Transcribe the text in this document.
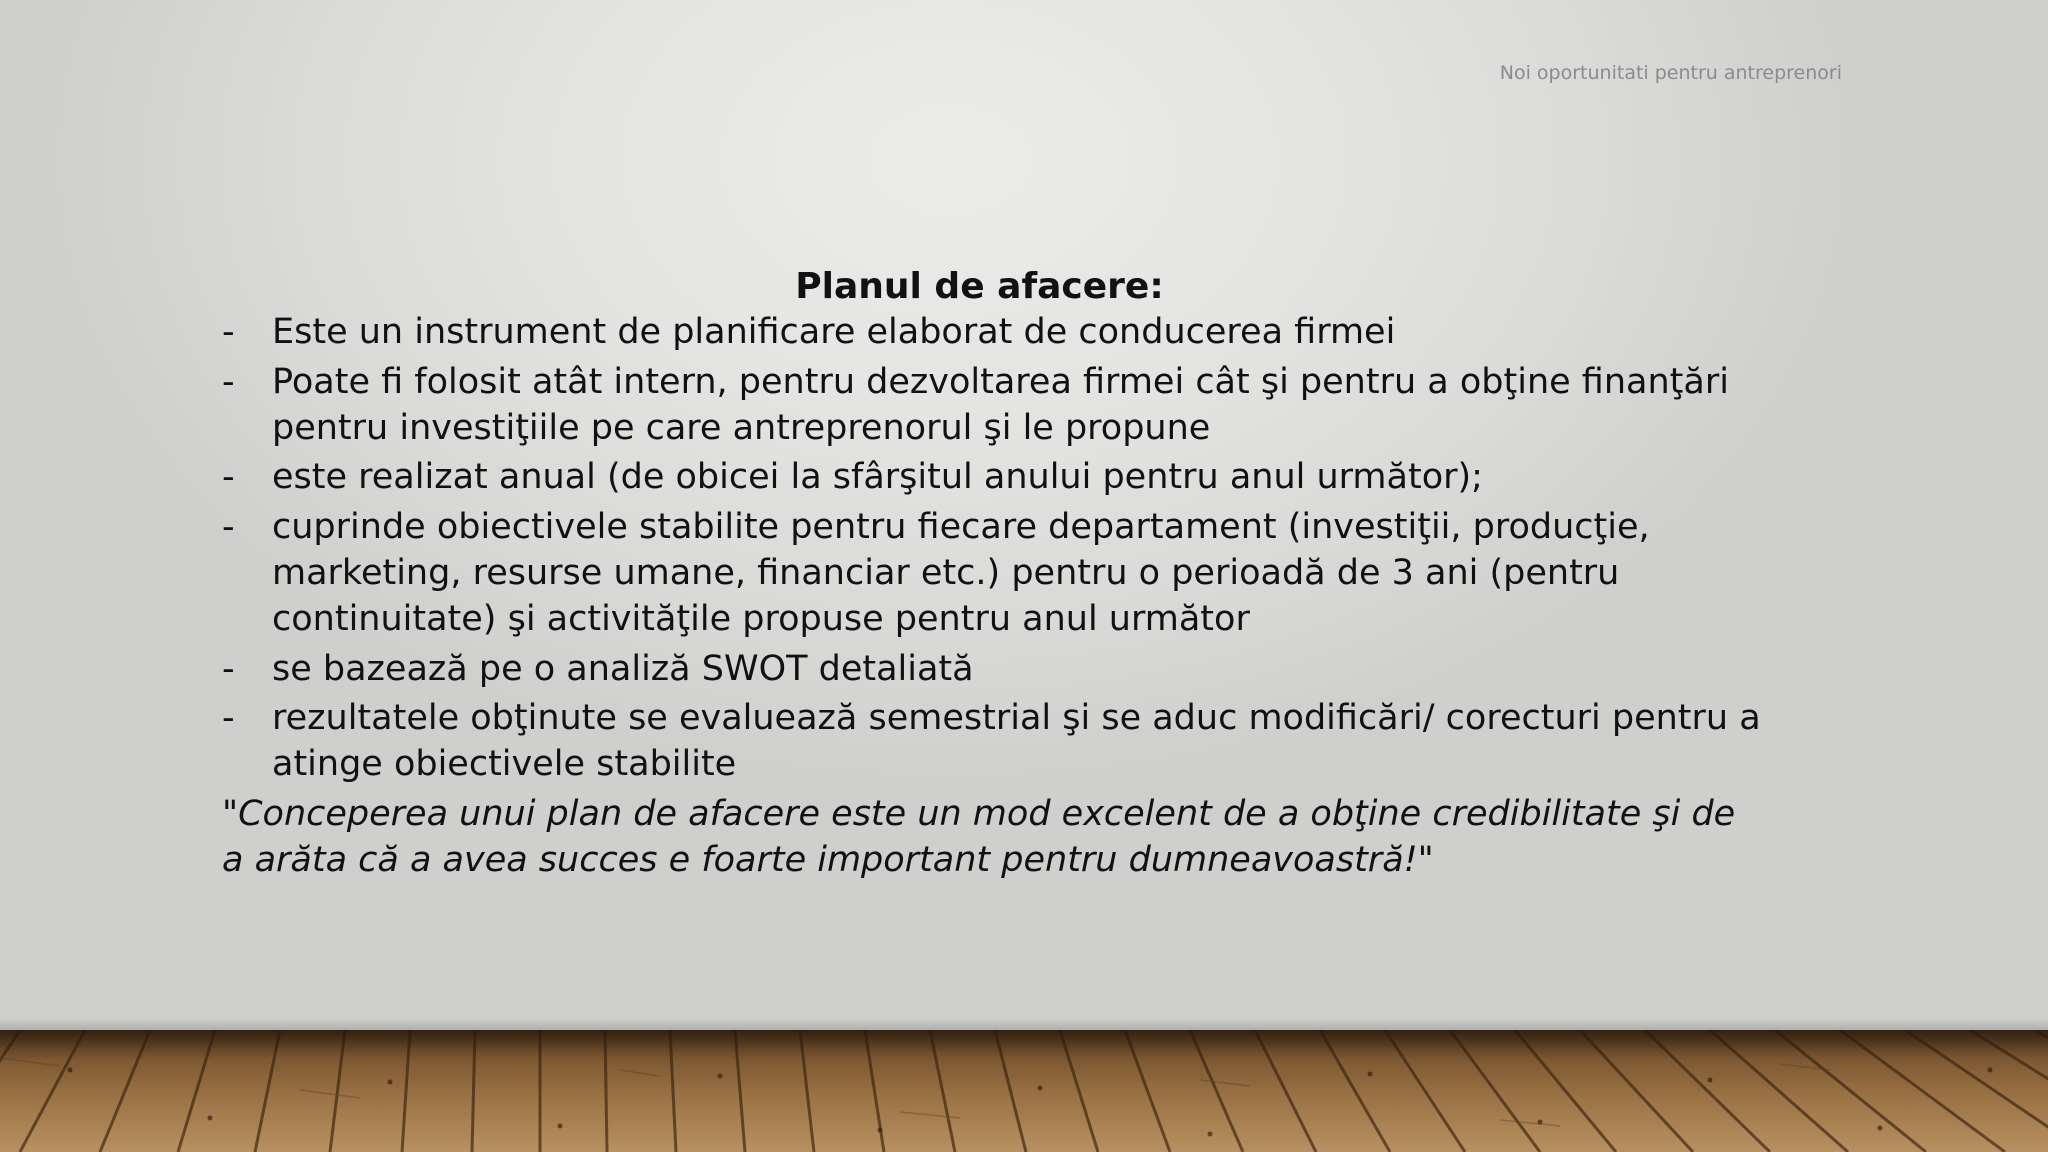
Noi oportunitati pentru antreprenori
Planul de afacere:
- Este un instrument de planificare elaborat de conducerea firmei
- Poate fi folosit atât intern, pentru dezvoltarea firmei cât şi pentru a obţine finanţări pentru investiţiile pe care antreprenorul şi le propune
- este realizat anual (de obicei la sfârşitul anului pentru anul următor);
- cuprinde obiectivele stabilite pentru fiecare departament (investiţii, producţie, marketing, resurse umane, financiar etc.) pentru o perioadă de 3 ani (pentru continuitate) şi activităţile propuse pentru anul următor
- se bazează pe o analiză SWOT detaliată
- rezultatele obţinute se evaluează semestrial şi se aduc modificări/ corecturi pentru a atinge obiectivele stabilite
"Conceperea unui plan de afacere este un mod excelent de a obţine credibilitate şi de a arăta că a avea succes e foarte important pentru dumneavoastră!"
